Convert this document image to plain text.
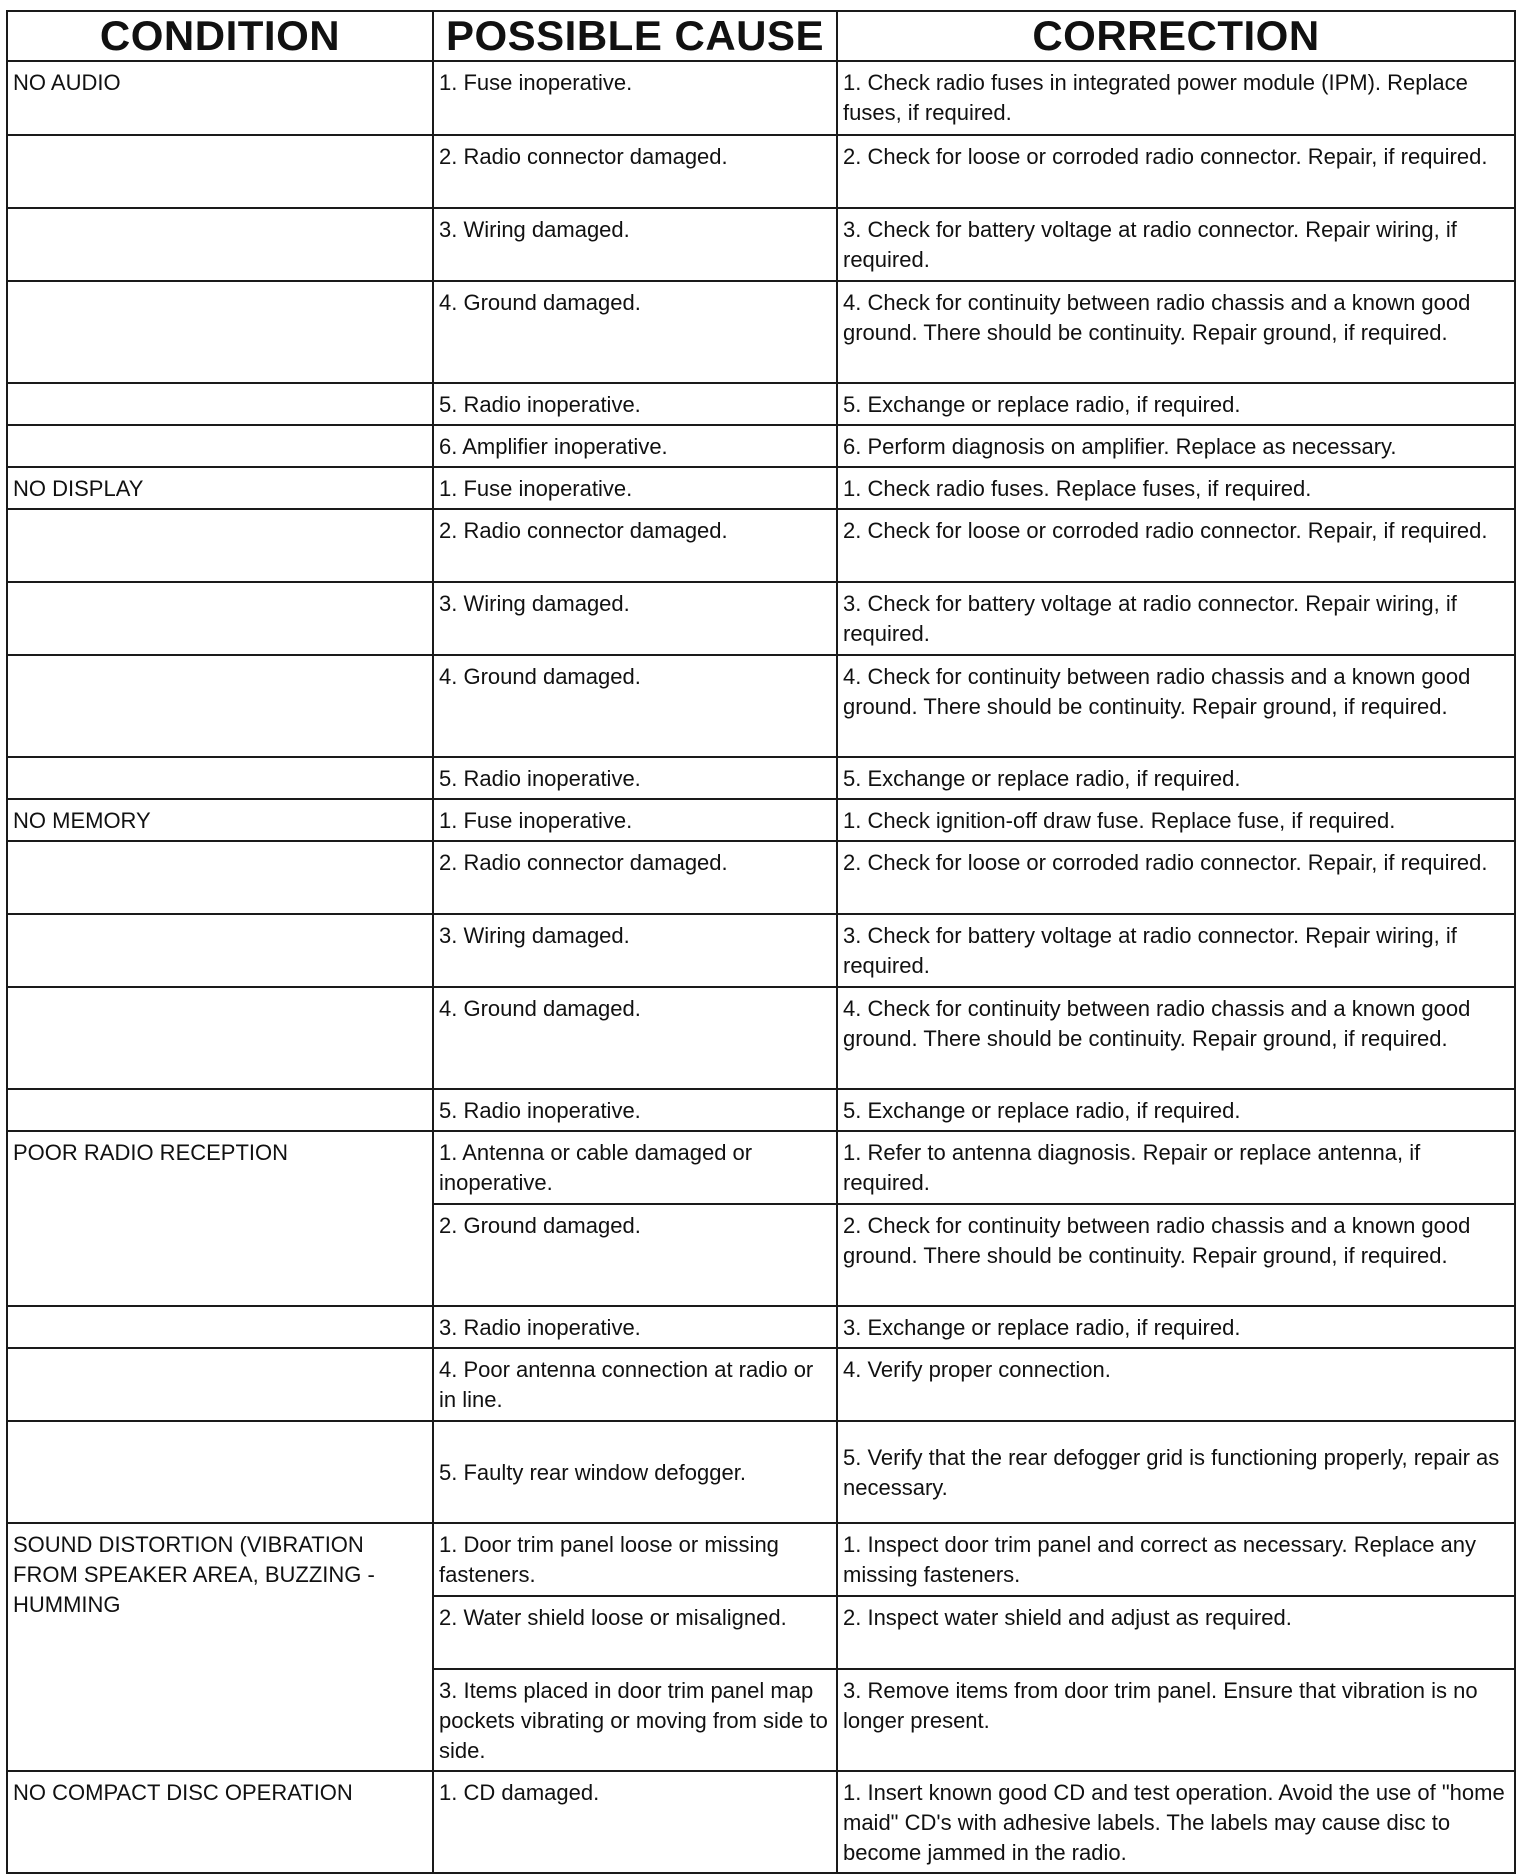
CONDITION	POSSIBLE CAUSE	CORRECTION
NO AUDIO	1. Fuse inoperative.	1. Check radio fuses in integrated power module (IPM). Replace fuses, if required.
	2. Radio connector damaged.	2. Check for loose or corroded radio connector. Repair, if required.
	3. Wiring damaged.	3. Check for battery voltage at radio connector. Repair wiring, if required.
	4. Ground damaged.	4. Check for continuity between radio chassis and a known good ground. There should be continuity. Repair ground, if required.
	5. Radio inoperative.	5. Exchange or replace radio, if required.
	6. Amplifier inoperative.	6. Perform diagnosis on amplifier. Replace as necessary.
NO DISPLAY	1. Fuse inoperative.	1. Check radio fuses. Replace fuses, if required.
	2. Radio connector damaged.	2. Check for loose or corroded radio connector. Repair, if required.
	3. Wiring damaged.	3. Check for battery voltage at radio connector. Repair wiring, if required.
	4. Ground damaged.	4. Check for continuity between radio chassis and a known good ground. There should be continuity. Repair ground, if required.
	5. Radio inoperative.	5. Exchange or replace radio, if required.
NO MEMORY	1. Fuse inoperative.	1. Check ignition-off draw fuse. Replace fuse, if required.
	2. Radio connector damaged.	2. Check for loose or corroded radio connector. Repair, if required.
	3. Wiring damaged.	3. Check for battery voltage at radio connector. Repair wiring, if required.
	4. Ground damaged.	4. Check for continuity between radio chassis and a known good ground. There should be continuity. Repair ground, if required.
	5. Radio inoperative.	5. Exchange or replace radio, if required.
POOR RADIO RECEPTION	1. Antenna or cable damaged or inoperative.	1. Refer to antenna diagnosis. Repair or replace antenna, if required.
	2. Ground damaged.	2. Check for continuity between radio chassis and a known good ground. There should be continuity. Repair ground, if required.
	3. Radio inoperative.	3. Exchange or replace radio, if required.
	4. Poor antenna connection at radio or in line.	4. Verify proper connection.
	5. Faulty rear window defogger.	5. Verify that the rear defogger grid is functioning properly, repair as necessary.
SOUND DISTORTION (VIBRATION FROM SPEAKER AREA, BUZZING - HUMMING	1. Door trim panel loose or missing fasteners.	1. Inspect door trim panel and correct as necessary. Replace any missing fasteners.
	2. Water shield loose or misaligned.	2. Inspect water shield and adjust as required.
	3. Items placed in door trim panel map pockets vibrating or moving from side to side.	3. Remove items from door trim panel. Ensure that vibration is no longer present.
NO COMPACT DISC OPERATION	1. CD damaged.	1. Insert known good CD and test operation. Avoid the use of "home maid" CD's with adhesive labels. The labels may cause disc to become jammed in the radio.
